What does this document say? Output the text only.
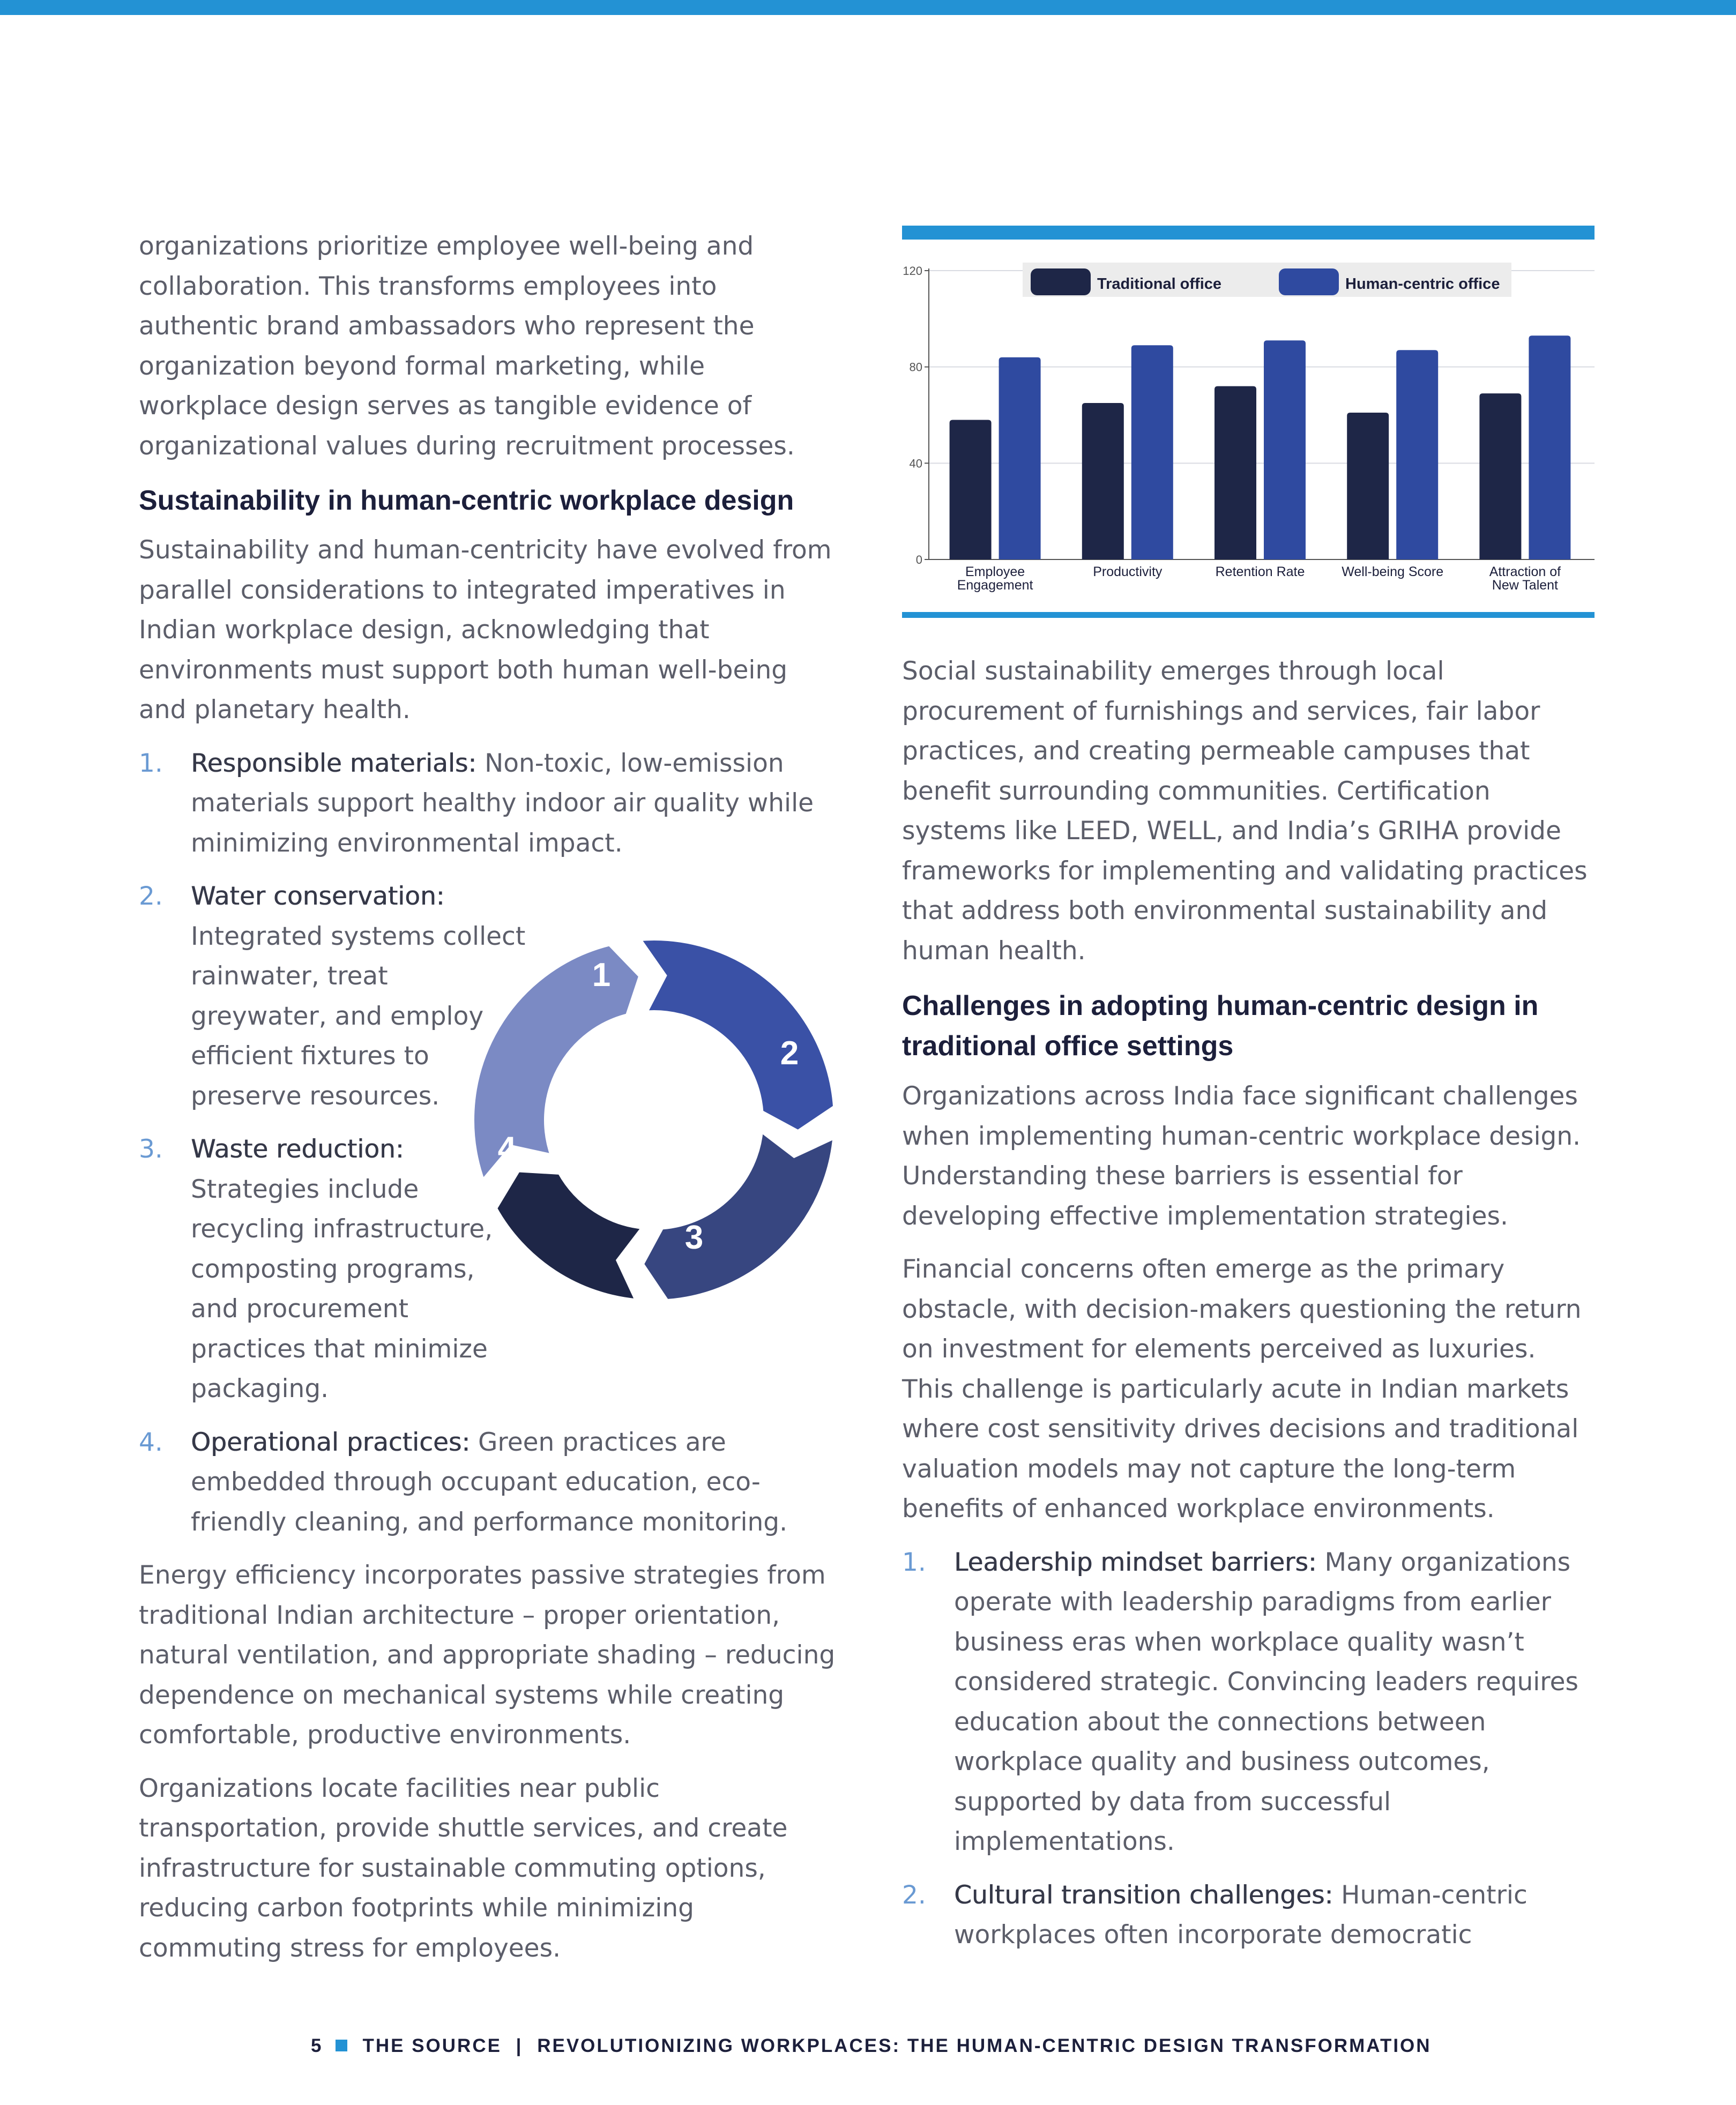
organizations prioritize employee well-being and collaboration. This transforms employees into authentic brand ambassadors who represent the organization beyond formal marketing, while workplace design serves as tangible evidence of organizational values during recruitment processes.

Sustainability in human-centric workplace design

Sustainability and human-centricity have evolved from parallel considerations to integrated imperatives in Indian workplace design, acknowledging that environments must support both human well-being and planetary health.

1. Responsible materials: Non-toxic, low-emission materials support healthy indoor air quality while minimizing environmental impact.
2. Water conservation: Integrated systems collect rainwater, treat greywater, and employ efficient fixtures to preserve resources.
3. Waste reduction: Strategies include recycling infrastructure, composting programs, and procurement practices that minimize packaging.
4. Operational practices: Green practices are embedded through occupant education, eco-friendly cleaning, and performance monitoring.

Energy efficiency incorporates passive strategies from traditional Indian architecture – proper orientation, natural ventilation, and appropriate shading – reducing dependence on mechanical systems while creating comfortable, productive environments.

Organizations locate facilities near public transportation, provide shuttle services, and create infrastructure for sustainable commuting options, reducing carbon footprints while minimizing commuting stress for employees.

1
2
3
4
0
40
80
120
Employee
Engagement
Productivity	Retention Rate	Well-being Score	Attraction of
New Talent
Traditional office	Human-centric office

Social sustainability emerges through local procurement of furnishings and services, fair labor practices, and creating permeable campuses that benefit surrounding communities. Certification systems like LEED, WELL, and India’s GRIHA provide frameworks for implementing and validating practices that address both environmental sustainability and human health.

Challenges in adopting human-centric design in traditional office settings

Organizations across India face significant challenges when implementing human-centric workplace design. Understanding these barriers is essential for developing effective implementation strategies.

Financial concerns often emerge as the primary obstacle, with decision-makers questioning the return on investment for elements perceived as luxuries. This challenge is particularly acute in Indian markets where cost sensitivity drives decisions and traditional valuation models may not capture the long-term benefits of enhanced workplace environments.

1. Leadership mindset barriers: Many organizations operate with leadership paradigms from earlier business eras when workplace quality wasn’t considered strategic. Convincing leaders requires education about the connections between workplace quality and business outcomes, supported by data from successful implementations.
2. Cultural transition challenges: Human-centric workplaces often incorporate democratic
5 THE SOURCE | REVOLUTIONIZING WORKPLACES: THE HUMAN-CENTRIC DESIGN TRANSFORMATION
